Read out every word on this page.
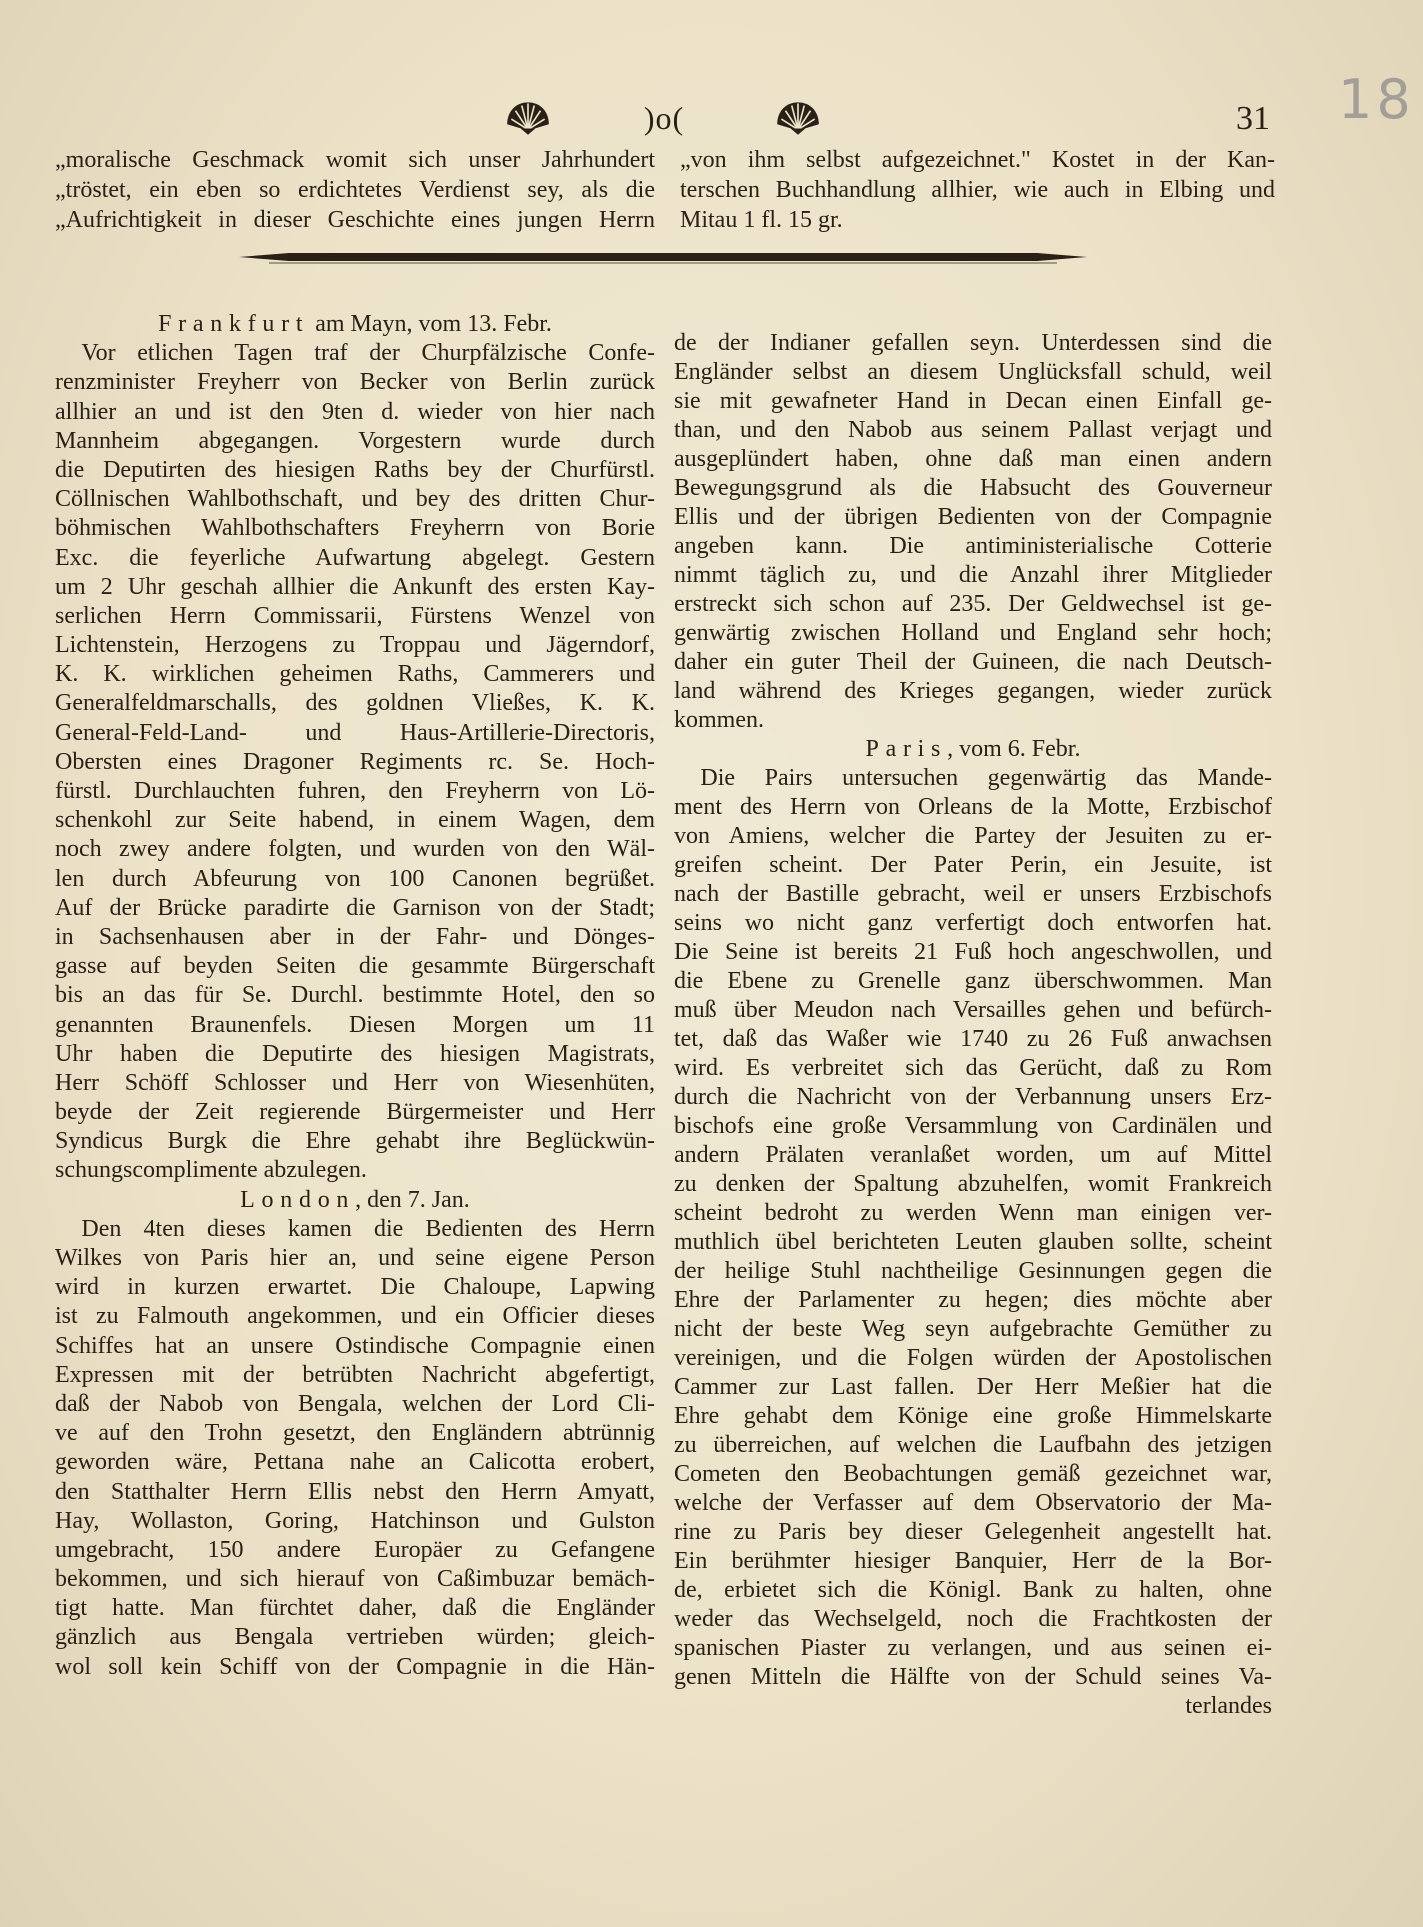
)o(	31 18
„moralische Geschmack womit sich unser Jahrhundert
„tröstet, ein eben so erdichtetes Verdienst sey, als die
„Aufrichtigkeit in dieser Geschichte eines jungen Herrn
„von ihm selbst aufgezeichnet." Kostet in der Kan-
terschen Buchhandlung allhier, wie auch in Elbing und
Mitau 1 fl. 15 gr.
Frankfurt am Mayn, vom 13. Febr.
Vor etlichen Tagen traf der Churpfälzische Confe-
renzminister Freyherr von Becker von Berlin zurück
allhier an und ist den 9ten d. wieder von hier nach
Mannheim abgegangen. Vorgestern wurde durch
die Deputirten des hiesigen Raths bey der Churfürstl.
Cöllnischen Wahlbothschaft, und bey des dritten Chur-
böhmischen Wahlbothschafters Freyherrn von Borie
Exc. die feyerliche Aufwartung abgelegt. Gestern
um 2 Uhr geschah allhier die Ankunft des ersten Kay-
serlichen Herrn Commissarii, Fürstens Wenzel von
Lichtenstein, Herzogens zu Troppau und Jägerndorf,
K. K. wirklichen geheimen Raths, Cammerers und
Generalfeldmarschalls, des goldnen Vließes, K. K.
General-Feld-Land- und Haus-Artillerie-Directoris,
Obersten eines Dragoner Regiments rc. Se. Hoch-
fürstl. Durchlauchten fuhren, den Freyherrn von Lö-
schenkohl zur Seite habend, in einem Wagen, dem
noch zwey andere folgten, und wurden von den Wäl-
len durch Abfeurung von 100 Canonen begrüßet.
Auf der Brücke paradirte die Garnison von der Stadt;
in Sachsenhausen aber in der Fahr- und Dönges-
gasse auf beyden Seiten die gesammte Bürgerschaft
bis an das für Se. Durchl. bestimmte Hotel, den so
genannten Braunenfels. Diesen Morgen um 11
Uhr haben die Deputirte des hiesigen Magistrats,
Herr Schöff Schlosser und Herr von Wiesenhüten,
beyde der Zeit regierende Bürgermeister und Herr
Syndicus Burgk die Ehre gehabt ihre Beglückwün-
schungscomplimente abzulegen.
London, den 7. Jan.
Den 4ten dieses kamen die Bedienten des Herrn
Wilkes von Paris hier an, und seine eigene Person
wird in kurzen erwartet. Die Chaloupe, Lapwing
ist zu Falmouth angekommen, und ein Officier dieses
Schiffes hat an unsere Ostindische Compagnie einen
Expressen mit der betrübten Nachricht abgefertigt,
daß der Nabob von Bengala, welchen der Lord Cli-
ve auf den Trohn gesetzt, den Engländern abtrünnig
geworden wäre, Pettana nahe an Calicotta erobert,
den Statthalter Herrn Ellis nebst den Herrn Amyatt,
Hay, Wollaston, Goring, Hatchinson und Gulston
umgebracht, 150 andere Europäer zu Gefangene
bekommen, und sich hierauf von Caßimbuzar bemäch-
tigt hatte. Man fürchtet daher, daß die Engländer
gänzlich aus Bengala vertrieben würden; gleich-
wol soll kein Schiff von der Compagnie in die Hän-
de der Indianer gefallen seyn. Unterdessen sind die
Engländer selbst an diesem Unglücksfall schuld, weil
sie mit gewafneter Hand in Decan einen Einfall ge-
than, und den Nabob aus seinem Pallast verjagt und
ausgeplündert haben, ohne daß man einen andern
Bewegungsgrund als die Habsucht des Gouverneur
Ellis und der übrigen Bedienten von der Compagnie
angeben kann. Die antiministerialische Cotterie
nimmt täglich zu, und die Anzahl ihrer Mitglieder
erstreckt sich schon auf 235. Der Geldwechsel ist ge-
genwärtig zwischen Holland und England sehr hoch;
daher ein guter Theil der Guineen, die nach Deutsch-
land während des Krieges gegangen, wieder zurück
kommen.
Paris, vom 6. Febr.
Die Pairs untersuchen gegenwärtig das Mande-
ment des Herrn von Orleans de la Motte, Erzbischof
von Amiens, welcher die Partey der Jesuiten zu er-
greifen scheint. Der Pater Perin, ein Jesuite, ist
nach der Bastille gebracht, weil er unsers Erzbischofs
seins wo nicht ganz verfertigt doch entworfen hat.
Die Seine ist bereits 21 Fuß hoch angeschwollen, und
die Ebene zu Grenelle ganz überschwommen. Man
muß über Meudon nach Versailles gehen und befürch-
tet, daß das Waßer wie 1740 zu 26 Fuß anwachsen
wird. Es verbreitet sich das Gerücht, daß zu Rom
durch die Nachricht von der Verbannung unsers Erz-
bischofs eine große Versammlung von Cardinälen und
andern Prälaten veranlaßet worden, um auf Mittel
zu denken der Spaltung abzuhelfen, womit Frankreich
scheint bedroht zu werden Wenn man einigen ver-
muthlich übel berichteten Leuten glauben sollte, scheint
der heilige Stuhl nachtheilige Gesinnungen gegen die
Ehre der Parlamenter zu hegen; dies möchte aber
nicht der beste Weg seyn aufgebrachte Gemüther zu
vereinigen, und die Folgen würden der Apostolischen
Cammer zur Last fallen. Der Herr Meßier hat die
Ehre gehabt dem Könige eine große Himmelskarte
zu überreichen, auf welchen die Laufbahn des jetzigen
Cometen den Beobachtungen gemäß gezeichnet war,
welche der Verfasser auf dem Observatorio der Ma-
rine zu Paris bey dieser Gelegenheit angestellt hat.
Ein berühmter hiesiger Banquier, Herr de la Bor-
de, erbietet sich die Königl. Bank zu halten, ohne
weder das Wechselgeld, noch die Frachtkosten der
spanischen Piaster zu verlangen, und aus seinen ei-
genen Mitteln die Hälfte von der Schuld seines Va-
terlandes
